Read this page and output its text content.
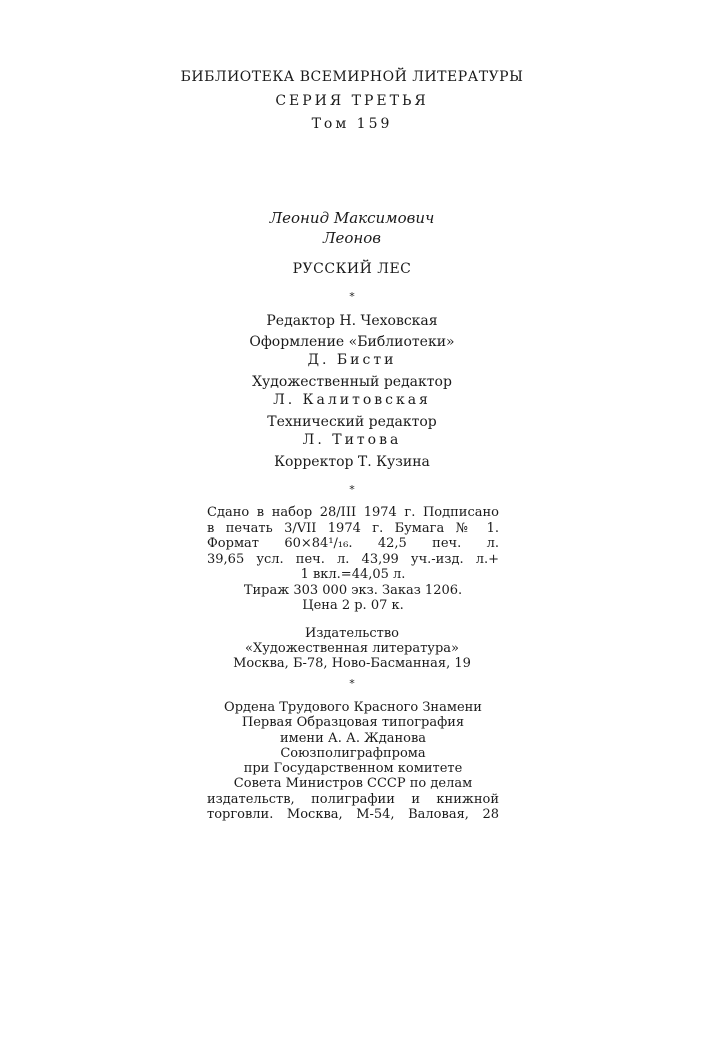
БИБЛИОТЕКА ВСЕМИРНОЙ ЛИТЕРАТУРЫ
СЕРИЯ ТРЕТЬЯ
Том 159
Леонид Максимович
Леонов
РУССКИЙ ЛЕС
*
Редактор Н. Чеховская
Оформление «Библиотеки»
Д. Бисти
Художественный редактор
Л. Калитовская
Технический редактор
Л. Титова
Корректор Т. Кузина
*
Сдано в набор 28/III 1974 г. Подписано
в печать 3/VII 1974 г. Бумага № 1.
Формат 60×84¹/₁₆. 42,5 печ. л.
39,65 усл. печ. л. 43,99 уч.-изд. л.+
1 вкл.=44,05 л.
Тираж 303 000 экз. Заказ 1206.
Цена 2 р. 07 к.
Издательство
«Художественная литература»
Москва, Б-78, Ново-Басманная, 19
*
Ордена Трудового Красного Знамени
Первая Образцовая типография
имени А. А. Жданова
Союзполиграфпрома
при Государственном комитете
Совета Министров СССР по делам
издательств, полиграфии и книжной
торговли. Москва, М-54, Валовая, 28
